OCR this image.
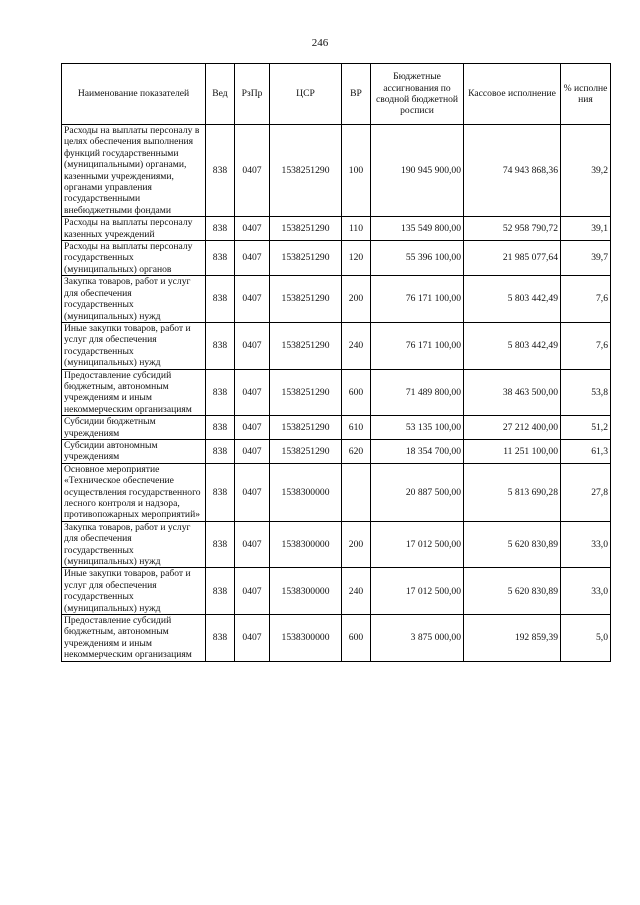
246
Наименование показателей	Вед	РзПр	ЦСР	ВР	Бюджетные ассигнования по сводной бюджетной росписи	Кассовое исполнение	% исполне ния
Расходы на выплаты персоналу в целях обеспечения выполнения функций государственными (муниципальными) органами, казенными учреждениями, органами управления государственными внебюджетными фондами	838	0407	1538251290	100	190 945 900,00	74 943 868,36	39,2
Расходы на выплаты персоналу казенных учреждений	838	0407	1538251290	110	135 549 800,00	52 958 790,72	39,1
Расходы на выплаты персоналу государственных (муниципальных) органов	838	0407	1538251290	120	55 396 100,00	21 985 077,64	39,7
Закупка товаров, работ и услуг для обеспечения государственных (муниципальных) нужд	838	0407	1538251290	200	76 171 100,00	5 803 442,49	7,6
Иные закупки товаров, работ и услуг для обеспечения государственных (муниципальных) нужд	838	0407	1538251290	240	76 171 100,00	5 803 442,49	7,6
Предоставление субсидий бюджетным, автономным учреждениям и иным некоммерческим организациям	838	0407	1538251290	600	71 489 800,00	38 463 500,00	53,8
Субсидии бюджетным учреждениям	838	0407	1538251290	610	53 135 100,00	27 212 400,00	51,2
Субсидии автономным учреждениям	838	0407	1538251290	620	18 354 700,00	11 251 100,00	61,3
Основное мероприятие «Техническое обеспечение осуществления государственного лесного контроля и надзора, противопожарных мероприятий»	838	0407	1538300000		20 887 500,00	5 813 690,28	27,8
Закупка товаров, работ и услуг для обеспечения государственных (муниципальных) нужд	838	0407	1538300000	200	17 012 500,00	5 620 830,89	33,0
Иные закупки товаров, работ и услуг для обеспечения государственных (муниципальных) нужд	838	0407	1538300000	240	17 012 500,00	5 620 830,89	33,0
Предоставление субсидий бюджетным, автономным учреждениям и иным некоммерческим организациям	838	0407	1538300000	600	3 875 000,00	192 859,39	5,0
